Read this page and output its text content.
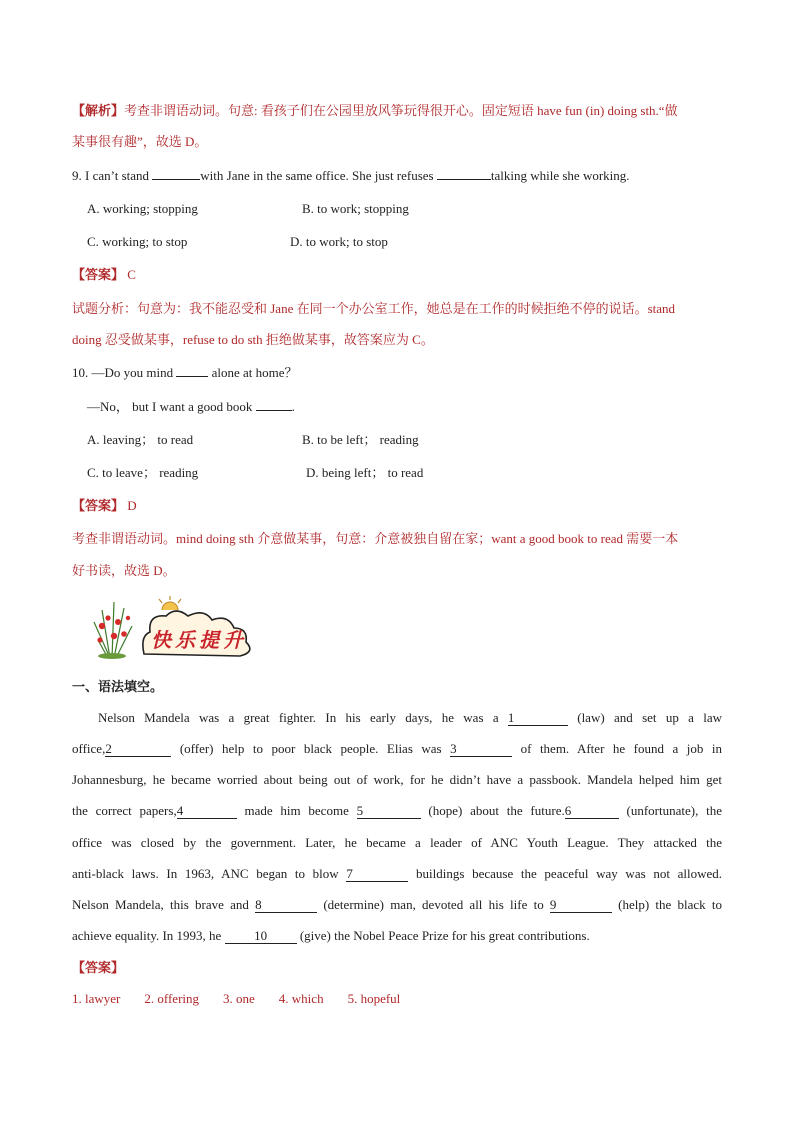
【解析】考查非谓语动词。句意: 看孩子们在公园里放风筝玩得很开心。固定短语 have fun (in) doing sth.“做
某事很有趣”，故选 D。
9. I can’t stand	with Jane in the same office. She just refuses	talking while she working.
A. working; stopping	B. to work; stopping
C. working; to stop	D. to work; to stop
【答案】 C
试题分析：句意为：我不能忍受和 Jane 在同一个办公室工作，她总是在工作的时候拒绝不停的说话。stand
doing 忍受做某事，refuse to do sth 拒绝做某事，故答案应为 C。
10. —Do you mind  alone at home？
—No， but I want a good book	.
A. leaving； to read	B. to be left； reading
C. to leave； reading	D. being left； to read
【答案】 D
考查非谓语动词。mind doing sth 介意做某事，句意：介意被独自留在家；want a good book to read 需要一本
好书读，故选 D。
快乐提升
一、语法填空。
Nelson Mandela was a great fighter. In his early days, he was a 1	(law) and set up a law
office,2	(offer) help to poor black people. Elias was 3	of them. After he found a job in
Johannesburg, he became worried about being out of work, for he didn’t have a passbook. Mandela helped him get
the correct papers,4	made him become 5	(hope) about the future.6	(unfortunate), the
office was closed by the government. Later, he became a leader of ANC Youth League. They attacked the
anti-black laws. In 1963, ANC began to blow 7	buildings because the peaceful way was not allowed.
Nelson Mandela, this brave and 8	(determine) man, devoted all his life to 9	(help) the black to
achieve equality. In 1993, he 10 (give) the Nobel Peace Prize for his great contributions.
【答案】
1. lawyer 2. offering 3. one 4. which 5. hopeful
